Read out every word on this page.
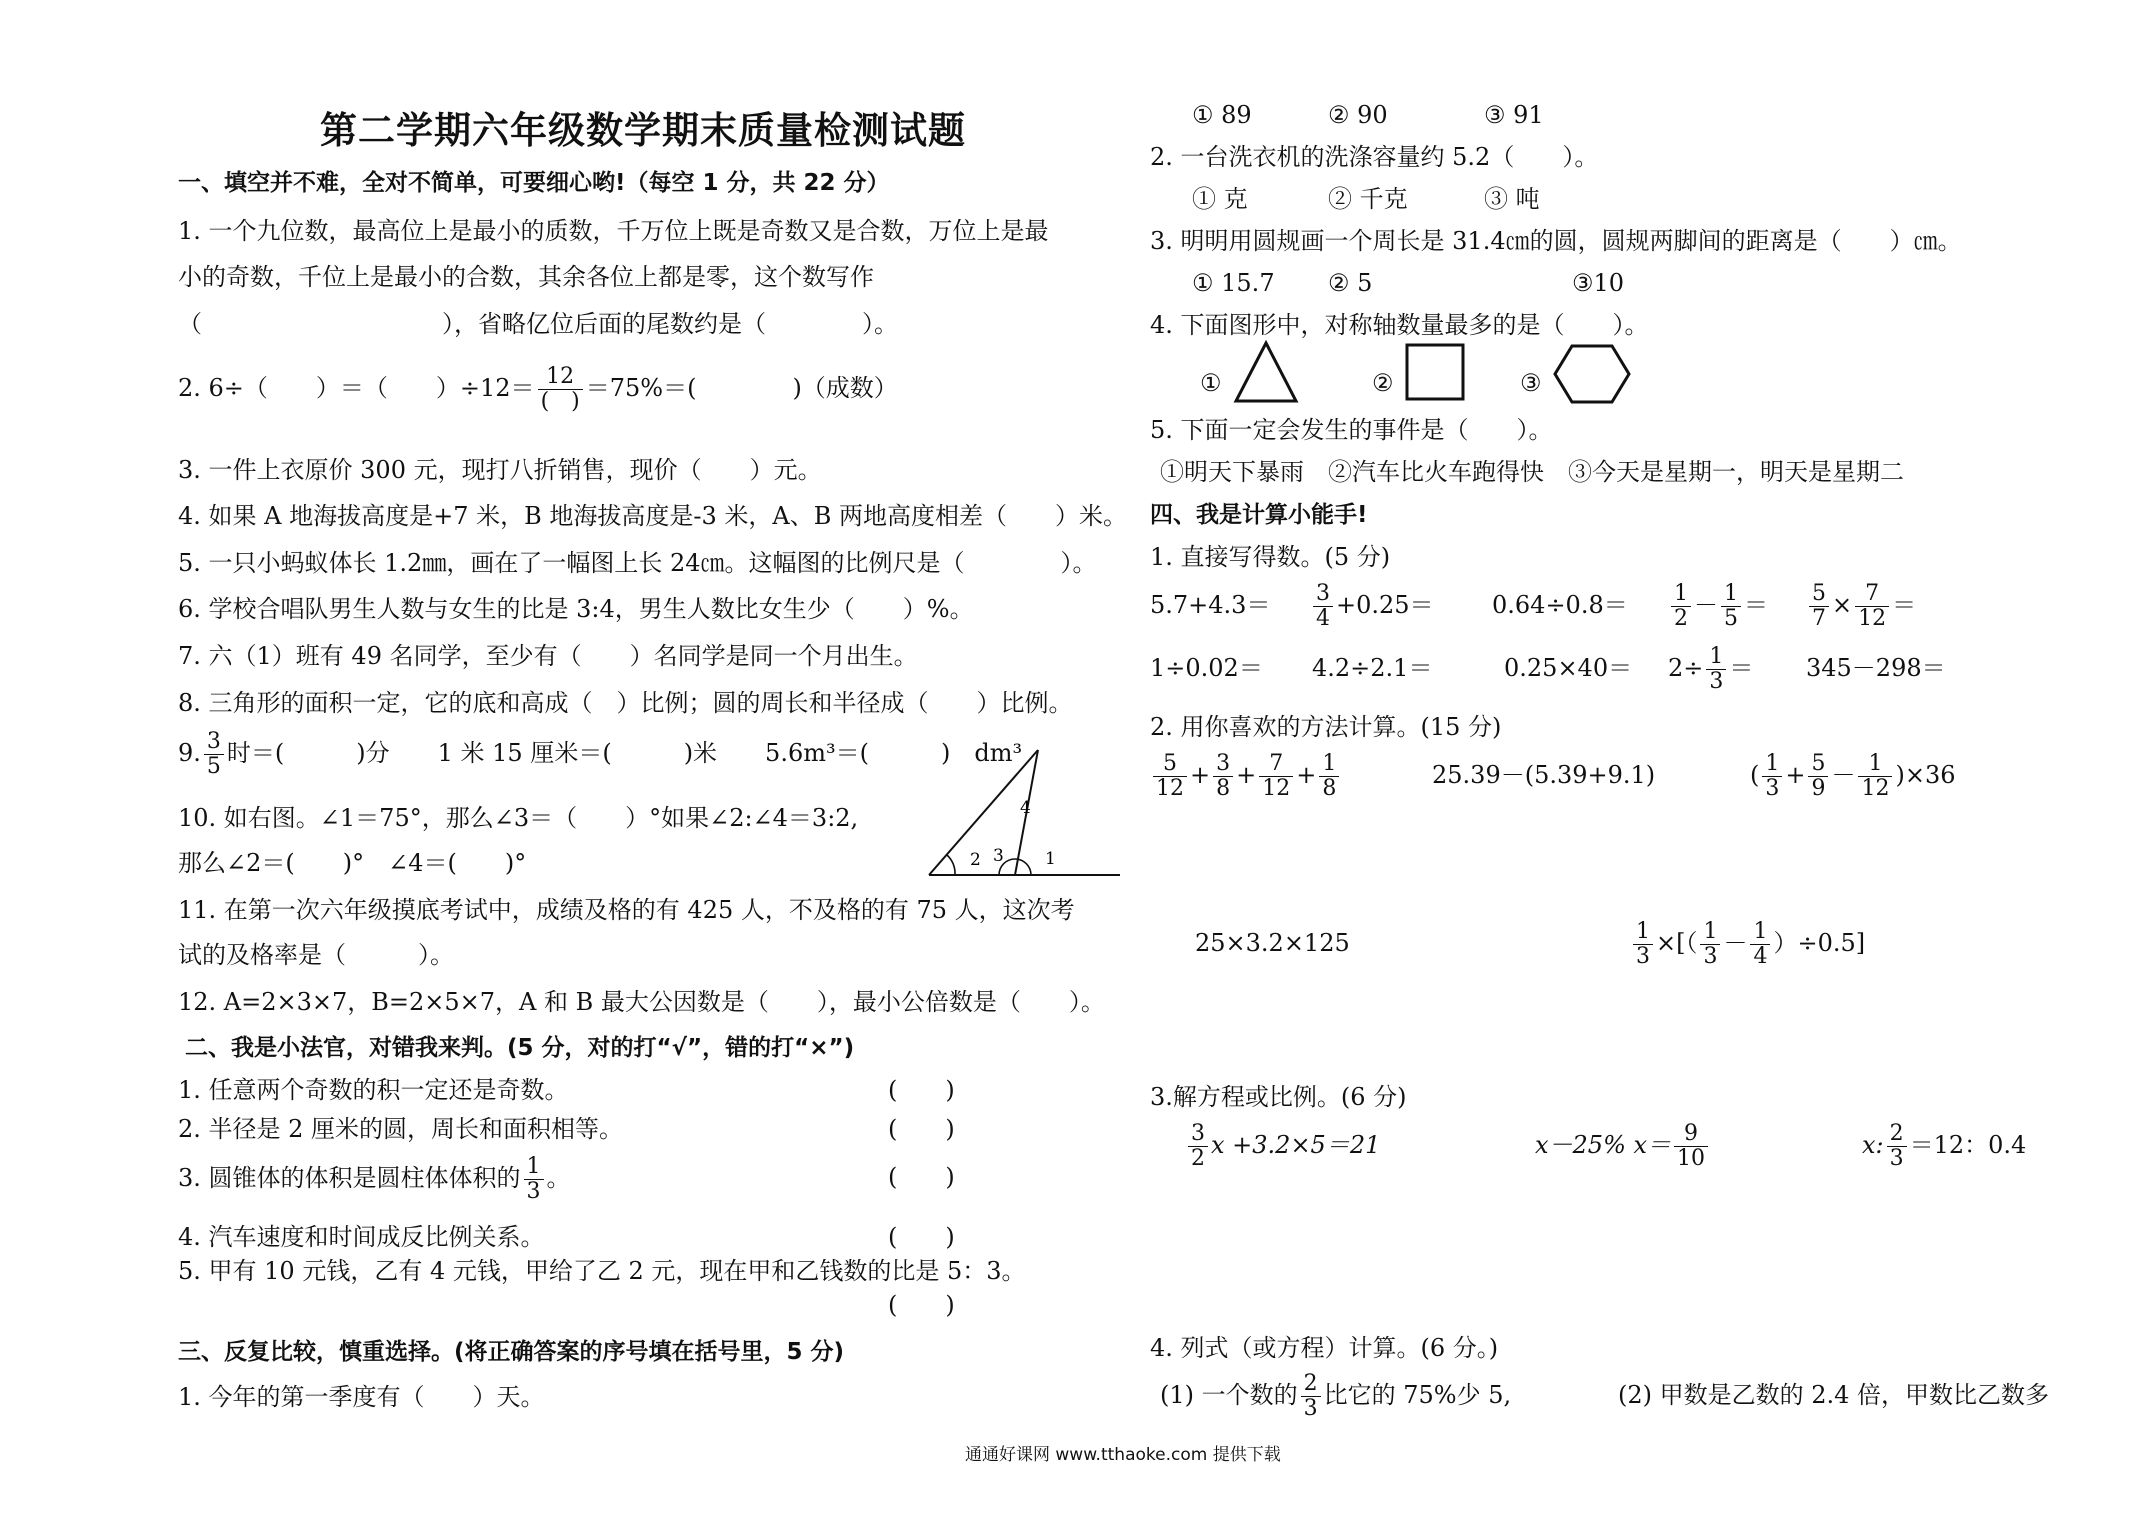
第二学期六年级数学期末质量检测试题
一、填空并不难，全对不简单，可要细心哟!（每空 1 分，共 22 分）
1. 一个九位数，最高位上是最小的质数，千万位上既是奇数又是合数，万位上是最
小的奇数，千位上是最小的合数，其余各位上都是零，这个数写作
（　　　　　　　　　　），省略亿位后面的尾数约是（　　　　）。
2. 6÷（　　）＝（　　）$\div 12= \frac{12}{( )} =75\%=$(　　　　)（成数）
3. 一件上衣原价 300 元，现打八折销售，现价（　　）元。
4. 如果 A 地海拔高度是+7 米，B 地海拔高度是-3 米，A、B 两地高度相差（　　）米。
5. 一只小蚂蚁体长 1.2㎜，画在了一幅图上长 24㎝。这幅图的比例尺是（　　　　）。
6. 学校合唱队男生人数与女生的比是 3:4，男生人数比女生少（　　）%。
7. 六（1）班有 49 名同学，至少有（　　）名同学是同一个月出生。
8. 三角形的面积一定，它的底和高成（　）比例；圆的周长和半径成（　　）比例。
9. $\frac{3}{5}$ 时＝(　　　)分　　1 米 15 厘米＝(　　　)米　　5.6m³＝(　　　)　dm³
10. 如右图。∠1＝75°，那么∠3＝（　　）°如果∠2:∠4＝3:2,
那么∠2＝(　　)°　∠4＝(　　)°
4
2 3 1
11. 在第一次六年级摸底考试中，成绩及格的有 425 人，不及格的有 75 人，这次考
试的及格率是（　　　）。
12. A=2×3×7，B=2×5×7，A 和 B 最大公因数是（　　），最小公倍数是（　　）。
二、我是小法官，对错我来判。(5 分，对的打“√”，错的打“×”)
1. 任意两个奇数的积一定还是奇数。	(　　)
2. 半径是 2 厘米的圆，周长和面积相等。	(　　)
3. 圆锥体的体积是圆柱体体积的 $\frac{1}{3}$ 。	(　　)
4. 汽车速度和时间成反比例关系。	(　　)
5. 甲有 10 元钱，乙有 4 元钱，甲给了乙 2 元，现在甲和乙钱数的比是 5：3。
(　　)
三、反复比较，慎重选择。(将正确答案的序号填在括号里，5 分)
1. 今年的第一季度有（　　）天。
① 89	② 90	③ 91
2. 一台洗衣机的洗涤容量约 5.2（　　）。
① 克	② 千克	③ 吨
3. 明明用圆规画一个周长是 31.4㎝的圆，圆规两脚间的距离是（　　）㎝。
① 15.7 ② 5	③10
4. 下面图形中，对称轴数量最多的是（　　）。
①	②	③
5. 下面一定会发生的事件是（　　）。
①明天下暴雨　②汽车比火车跑得快　③今天是星期一，明天是星期二
四、我是计算小能手!
1. 直接写得数。(5 分)
$5.7+4.3= \frac{3}{4} +0.25= 0.64\div 0.8= \frac{1}{2} - \frac{1}{5} = \frac{5}{7} \times \frac{7}{12}$ ＝
1÷0.02＝ 4.2÷2.1＝	$0.25\times 40= 2\div \frac{1}{3} = 345-298=$
2. 用你喜欢的方法计算。(15 分)
$\frac{5}{12} + \frac{3}{8} + \frac{7}{12} + \frac{1}{8}$	25.39－(5.39+9.1)	( $\frac{1}{3} + \frac{5}{9} - \frac{1}{12} )\times 36$
25×3.2×125	$\frac{1}{3}$ ×[（ $\frac{1}{3} - \frac{1}{4} )\div 0.5$]
3.解方程或比例。(6 分)
$\frac{3}{2}$ x +3.2×5＝21	x－25% $x= \frac{9}{10}$	x: $\frac{2}{3} =12$：0.4
4. 列式（或方程）计算。(6 分。)
(1) 一个数的 $\frac{2}{3}$ 比它的 75%少 5,	(2) 甲数是乙数的 2.4 倍，甲数比乙数多
通通好课网 www.tthaoke.com 提供下载
